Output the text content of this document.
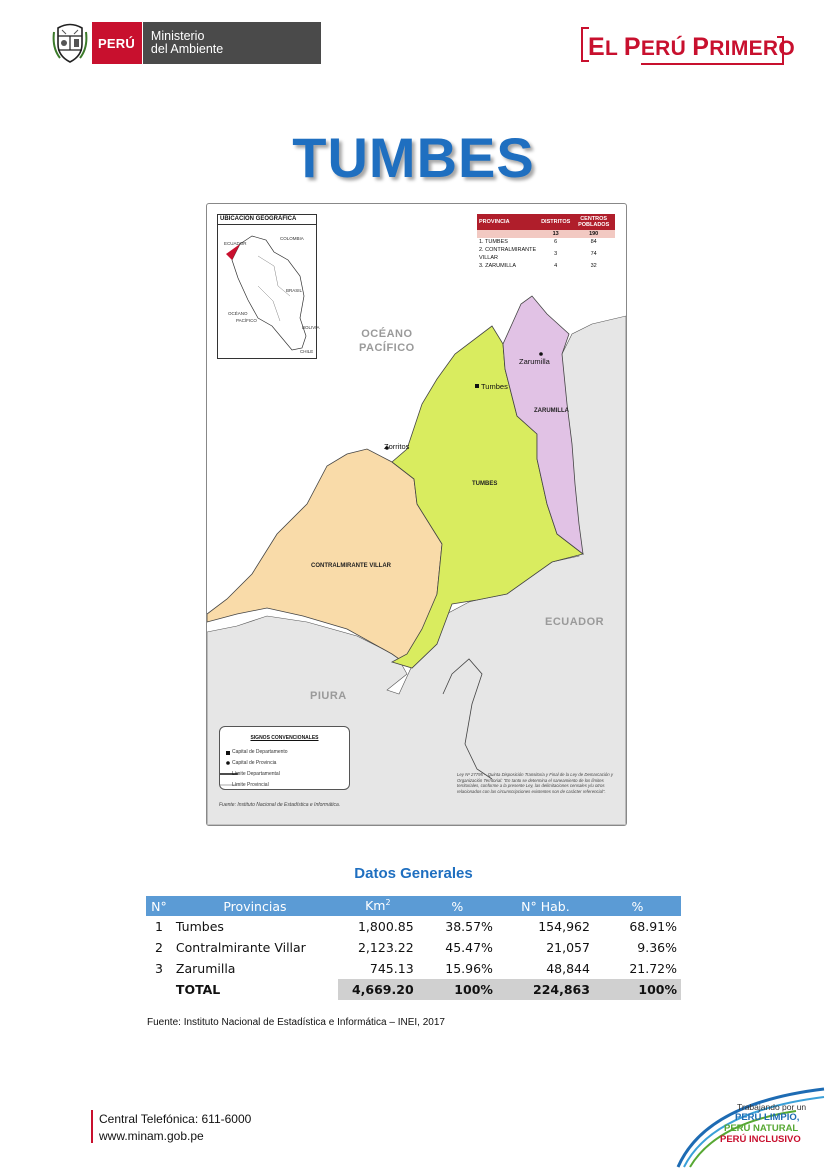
PERÚ	Ministerio
del Ambiente	EL PERÚ PRIMERO
TUMBES
UBICACIÓN GEOGRÁFICA
ECUADOR
COLOMBIA
BRASIL
OCÉANO
PACÍFICO
BOLIVIA
CHILE
PROVINCIA	DISTRITOS	CENTROS POBLADOS
	13	190
1. TUMBES	6	84
2. CONTRALMIRANTE VILLAR	3	74
3. ZARUMILLA	4	32
OCÉANO
PACÍFICO
ECUADOR
PIURA
TUMBES
ZARUMILLA
CONTRALMIRANTE VILLAR
Tumbes
Zarumilla
Zorritos
SIGNOS CONVENCIONALES
Capital de Departamento
Capital de Provincia
Límite Departamental
Límite Provincial
Ley Nº 27795 – Quinta Disposición Transitoria y Final de la Ley de Demarcación y Organización Territorial: "En tanto se determina el saneamiento de los límites territoriales, conforme a la presente Ley, las delimitaciones censales y/u otros relacionados con las circunscripciones existentes son de carácter referencial".
Fuente: Instituto Nacional de Estadística e Informática.
Datos Generales
N°	Provincias	Km$^2$	%	N° Hab.	%
1	Tumbes	1,800.85	38.57%	154,962	68.91%
2	Contralmirante Villar	2,123.22	45.47%	21,057	9.36%
3	Zarumilla	745.13	15.96%	48,844	21.72%
	TOTAL	4,669.20	100%	224,863	100%
Fuente: Instituto Nacional de Estadística e Informática – INEI, 2017
Central Telefónica: 611-6000
www.minam.gob.pe
Trabajando por un
PERÚ LIMPIO,
PERÚ NATURAL
PERÚ INCLUSIVO
